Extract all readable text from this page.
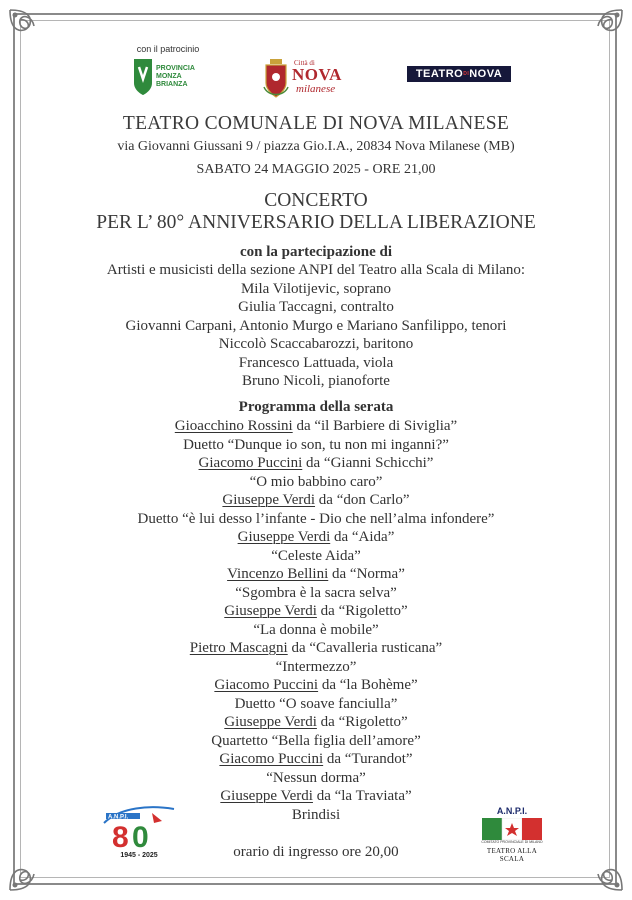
con il patrocinio
PROVINCIA
MONZA
BRIANZA
Città di
NOVA
milanese
TEATRODINOVA
TEATRO COMUNALE DI NOVA MILANESE
via Giovanni Giussani 9 / piazza Gio.I.A., 20834 Nova Milanese (MB)
SABATO 24 MAGGIO 2025 - ORE 21,00
CONCERTO
PER L’ 80° ANNIVERSARIO DELLA LIBERAZIONE
con la partecipazione di
Artisti e musicisti della sezione ANPI del Teatro alla Scala di Milano:
Mila Vilotijevic, soprano
Giulia Taccagni, contralto
Giovanni Carpani, Antonio Murgo e Mariano Sanfilippo, tenori
Niccolò Scaccabarozzi, baritono
Francesco Lattuada, viola
Bruno Nicoli, pianoforte
Programma della serata
Gioacchino Rossini da “il Barbiere di Siviglia”
Duetto “Dunque io son, tu non mi inganni?”
Giacomo Puccini da “Gianni Schicchi”
“O mio babbino caro”
Giuseppe Verdi da “don Carlo”
Duetto “è lui desso l’infante - Dio che nell’alma infondere”
Giuseppe Verdi da “Aida”
“Celeste Aida”
Vincenzo Bellini da “Norma”
“Sgombra è la sacra selva”
Giuseppe Verdi da “Rigoletto”
“La donna è mobile”
Pietro Mascagni da “Cavalleria rusticana”
“Intermezzo”
Giacomo Puccini da “la Bohème”
Duetto “O soave fanciulla”
Giuseppe Verdi da “Rigoletto”
Quartetto “Bella figlia dell’amore”
Giacomo Puccini da “Turandot”
“Nessun dorma”
Giuseppe Verdi da “la Traviata”
Brindisi
orario di ingresso ore 20,00
A.N.P.I.
8 0
1945 - 2025
A.N.P.I.
COMITATO PROVINCIALE DI MILANO
TEATRO ALLA SCALA
